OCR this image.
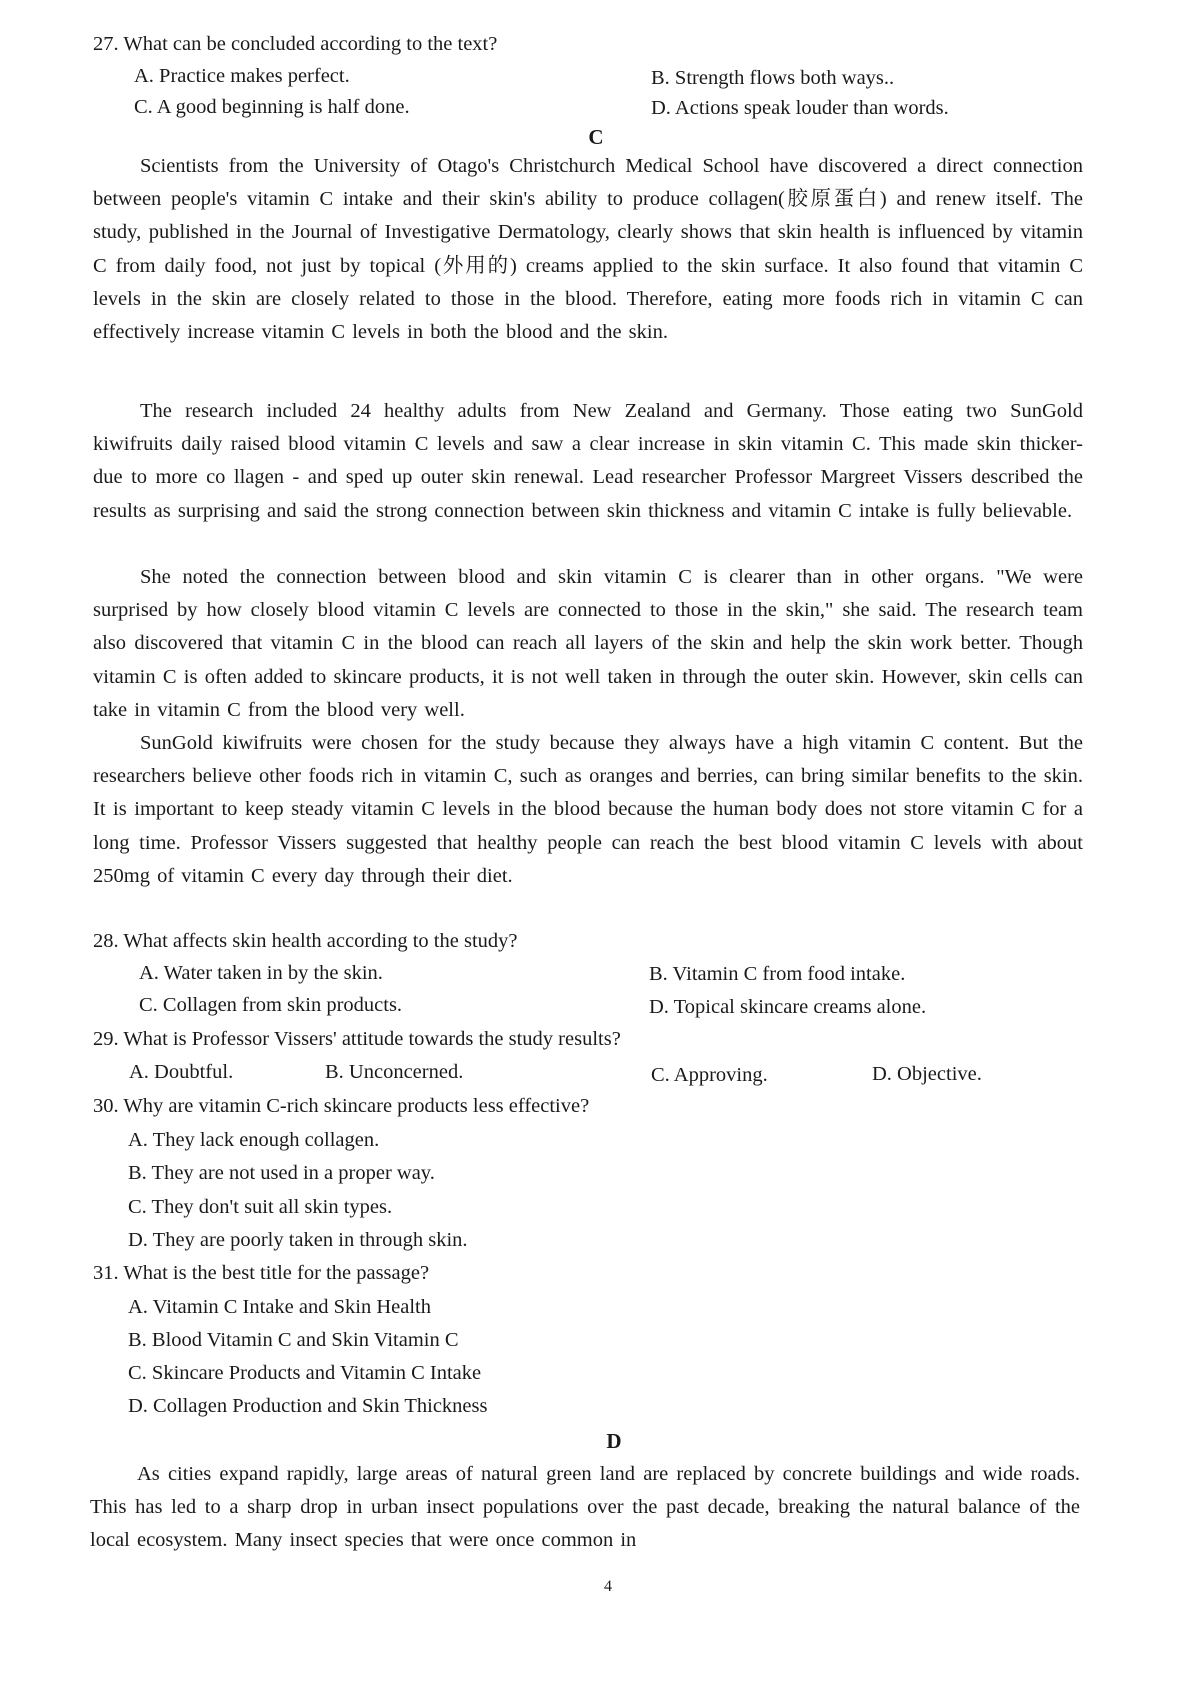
27. What can be concluded according to the text?
A. Practice makes perfect.	B. Strength flows both ways..
C. A good beginning is half done.	D. Actions speak louder than words.
C
Scientists from the University of Otago's Christchurch Medical School have discovered a direct connection between people's vitamin C intake and their skin's ability to produce collagen(胶原蛋白) and renew itself. The study, published in the Journal of Investigative Dermatology, clearly shows that skin health is influenced by vitamin C from daily food, not just by topical (外用的) creams applied to the skin surface. It also found that vitamin C levels in the skin are closely related to those in the blood. Therefore, eating more foods rich in vitamin C can effectively increase vitamin C levels in both the blood and the skin.
The research included 24 healthy adults from New Zealand and Germany. Those eating two SunGold kiwifruits daily raised blood vitamin C levels and saw a clear increase in skin vitamin C. This made skin thicker- due to more co llagen - and sped up outer skin renewal. Lead researcher Professor Margreet Vissers described the results as surprising and said the strong connection between skin thickness and vitamin C intake is fully believable.
She noted the connection between blood and skin vitamin C is clearer than in other organs. "We were surprised by how closely blood vitamin C levels are connected to those in the skin," she said. The research team also discovered that vitamin C in the blood can reach all layers of the skin and help the skin work better. Though vitamin C is often added to skincare products, it is not well taken in through the outer skin. However, skin cells can take in vitamin C from the blood very well.
SunGold kiwifruits were chosen for the study because they always have a high vitamin C content. But the researchers believe other foods rich in vitamin C, such as oranges and berries, can bring similar benefits to the skin. It is important to keep steady vitamin C levels in the blood because the human body does not store vitamin C for a long time. Professor Vissers suggested that healthy people can reach the best blood vitamin C levels with about 250mg of vitamin C every day through their diet.
28. What affects skin health according to the study?
A. Water taken in by the skin.	B. Vitamin C from food intake.
C. Collagen from skin products.	D. Topical skincare creams alone.
29. What is Professor Vissers' attitude towards the study results?
A. Doubtful.	B. Unconcerned.	C. Approving.	D. Objective.
30. Why are vitamin C-rich skincare products less effective?
A. They lack enough collagen.
B. They are not used in a proper way.
C. They don't suit all skin types.
D. They are poorly taken in through skin.
31. What is the best title for the passage?
A. Vitamin C Intake and Skin Health
B. Blood Vitamin C and Skin Vitamin C
C. Skincare Products and Vitamin C Intake
D. Collagen Production and Skin Thickness
D
As cities expand rapidly, large areas of natural green land are replaced by concrete buildings and wide roads. This has led to a sharp drop in urban insect populations over the past decade, breaking the natural balance of the local ecosystem. Many insect species that were once common in
4
